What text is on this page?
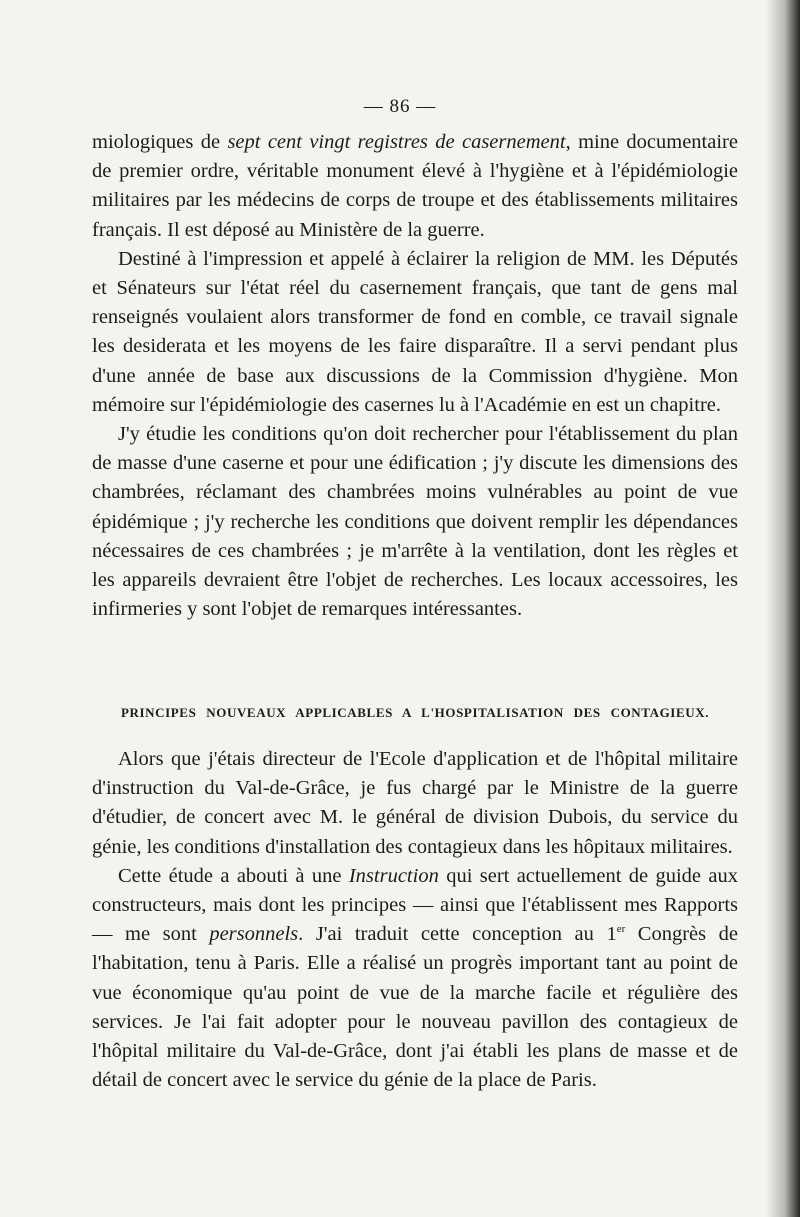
— 86 —

miologiques de sept cent vingt registres de casernement, mine documentaire de premier ordre, véritable monument élevé à l'hygiène et à l'épidémiologie militaires par les médecins de corps de troupe et des établissements militaires français. Il est déposé au Ministère de la guerre.

Destiné à l'impression et appelé à éclairer la religion de MM. les Députés et Sénateurs sur l'état réel du casernement français, que tant de gens mal renseignés voulaient alors transformer de fond en comble, ce travail signale les desiderata et les moyens de les faire disparaître. Il a servi pendant plus d'une année de base aux discussions de la Commission d'hygiène. Mon mémoire sur l'épidémiologie des casernes lu à l'Académie en est un chapitre.

J'y étudie les conditions qu'on doit rechercher pour l'établissement du plan de masse d'une caserne et pour une édification ; j'y discute les dimensions des chambrées, réclamant des chambrées moins vulnérables au point de vue épidémique ; j'y recherche les conditions que doivent remplir les dépendances nécessaires de ces chambrées ; je m'arrête à la ventilation, dont les règles et les appareils devraient être l'objet de recherches. Les locaux accessoires, les infirmeries y sont l'objet de remarques intéressantes.

PRINCIPES NOUVEAUX APPLICABLES A L'HOSPITALISATION DES CONTAGIEUX.

Alors que j'étais directeur de l'Ecole d'application et de l'hôpital militaire d'instruction du Val-de-Grâce, je fus chargé par le Ministre de la guerre d'étudier, de concert avec M. le général de division Dubois, du service du génie, les conditions d'installation des contagieux dans les hôpitaux militaires.

Cette étude a abouti à une Instruction qui sert actuellement de guide aux constructeurs, mais dont les principes — ainsi que l'établissent mes Rapports — me sont personnels. J'ai traduit cette conception au 1er Congrès de l'habitation, tenu à Paris. Elle a réalisé un progrès important tant au point de vue économique qu'au point de vue de la marche facile et régulière des services. Je l'ai fait adopter pour le nouveau pavillon des contagieux de l'hôpital militaire du Val-de-Grâce, dont j'ai établi les plans de masse et de détail de concert avec le service du génie de la place de Paris.
